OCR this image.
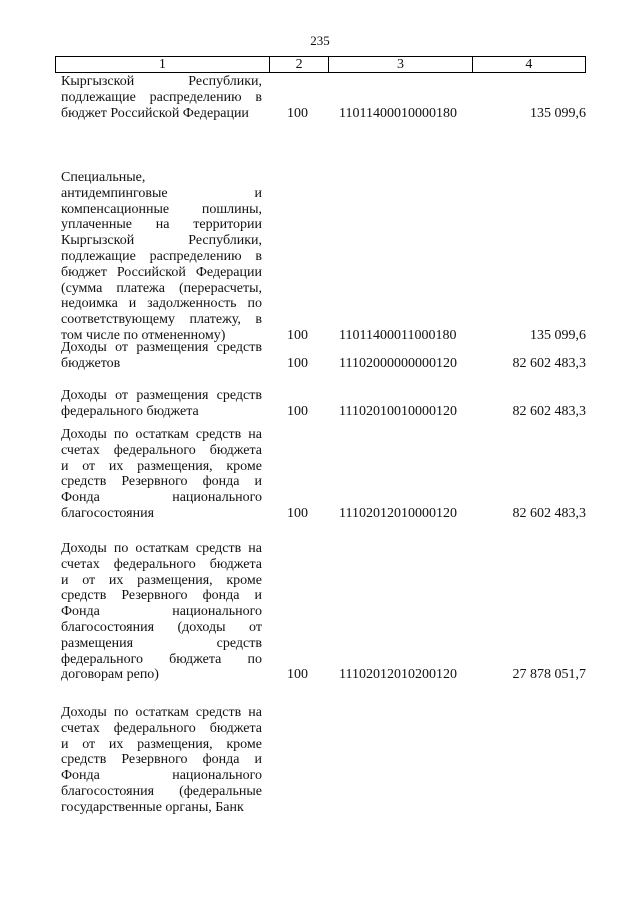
235
1	2	3	4
Кыргызской Республики,
подлежащие распределению в
бюджет Российской Федерации	100 11011400010000180	135 099,6
Специальные,
антидемпинговые и
компенсационные пошлины,
уплаченные на территории
Кыргызской Республики,
подлежащие распределению в
бюджет Российской Федерации
(сумма платежа (перерасчеты,
недоимка и задолженность по
соответствующему платежу, в
том числе по отмененному)	100 11011400011000180	135 099,6
Доходы от размещения средств
бюджетов	100 11102000000000120	82 602 483,3
Доходы от размещения средств
федерального бюджета	100 11102010010000120	82 602 483,3
Доходы по остаткам средств на
счетах федерального бюджета
и от их размещения, кроме
средств Резервного фонда и
Фонда национального
благосостояния	100 11102012010000120	82 602 483,3
Доходы по остаткам средств на
счетах федерального бюджета
и от их размещения, кроме
средств Резервного фонда и
Фонда национального
благосостояния (доходы от
размещения средств
федерального бюджета по
договорам репо)	100 11102012010200120	27 878 051,7
Доходы по остаткам средств на
счетах федерального бюджета
и от их размещения, кроме
средств Резервного фонда и
Фонда национального
благосостояния (федеральные
государственные органы, Банк
